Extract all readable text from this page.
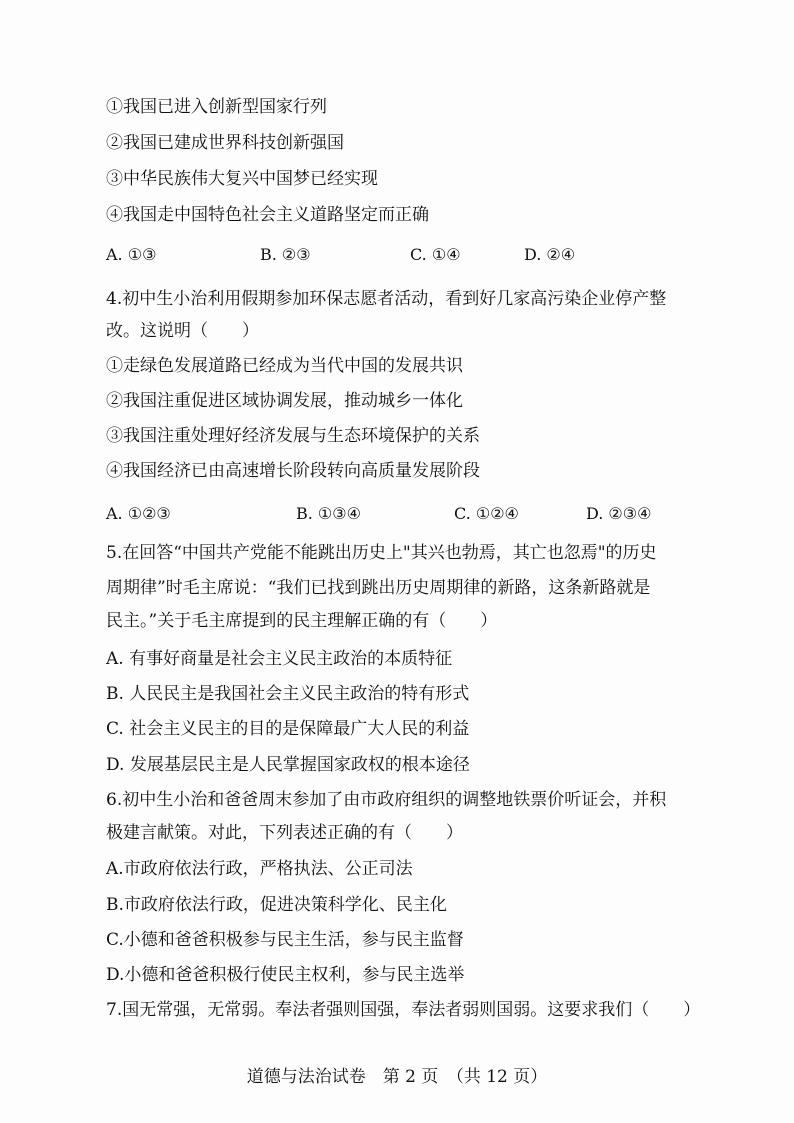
①我国已进入创新型国家行列
②我国已建成世界科技创新强国
③中华民族伟大复兴中国梦已经实现
④我国走中国特色社会主义道路坚定而正确
A. ①③	B. ②③	C. ①④	D. ②④
4.初中生小治利用假期参加环保志愿者活动，看到好几家高污染企业停产整
改。这说明（　　）
①走绿色发展道路已经成为当代中国的发展共识
②我国注重促进区域协调发展，推动城乡一体化
③我国注重处理好经济发展与生态环境保护的关系
④我国经济已由高速增长阶段转向高质量发展阶段
A. ①②③	B. ①③④	C. ①②④	D. ②③④
5.在回答“中国共产党能不能跳出历史上"其兴也勃焉，其亡也忽焉"的历史
周期律”时毛主席说：“我们已找到跳出历史周期律的新路，这条新路就是
民主。”关于毛主席提到的民主理解正确的有（　　）
A. 有事好商量是社会主义民主政治的本质特征
B. 人民民主是我国社会主义民主政治的特有形式
C. 社会主义民主的目的是保障最广大人民的利益
D. 发展基层民主是人民掌握国家政权的根本途径
6.初中生小治和爸爸周末参加了由市政府组织的调整地铁票价听证会，并积
极建言献策。对此，下列表述正确的有（　　）
A.市政府依法行政，严格执法、公正司法
B.市政府依法行政，促进决策科学化、民主化
C.小德和爸爸积极参与民主生活，参与民主监督
D.小德和爸爸积极行使民主权利，参与民主选举
7.国无常强，无常弱。奉法者强则国强，奉法者弱则国弱。这要求我们（　　）
道德与法治试卷　第 2 页　（共 12 页）
